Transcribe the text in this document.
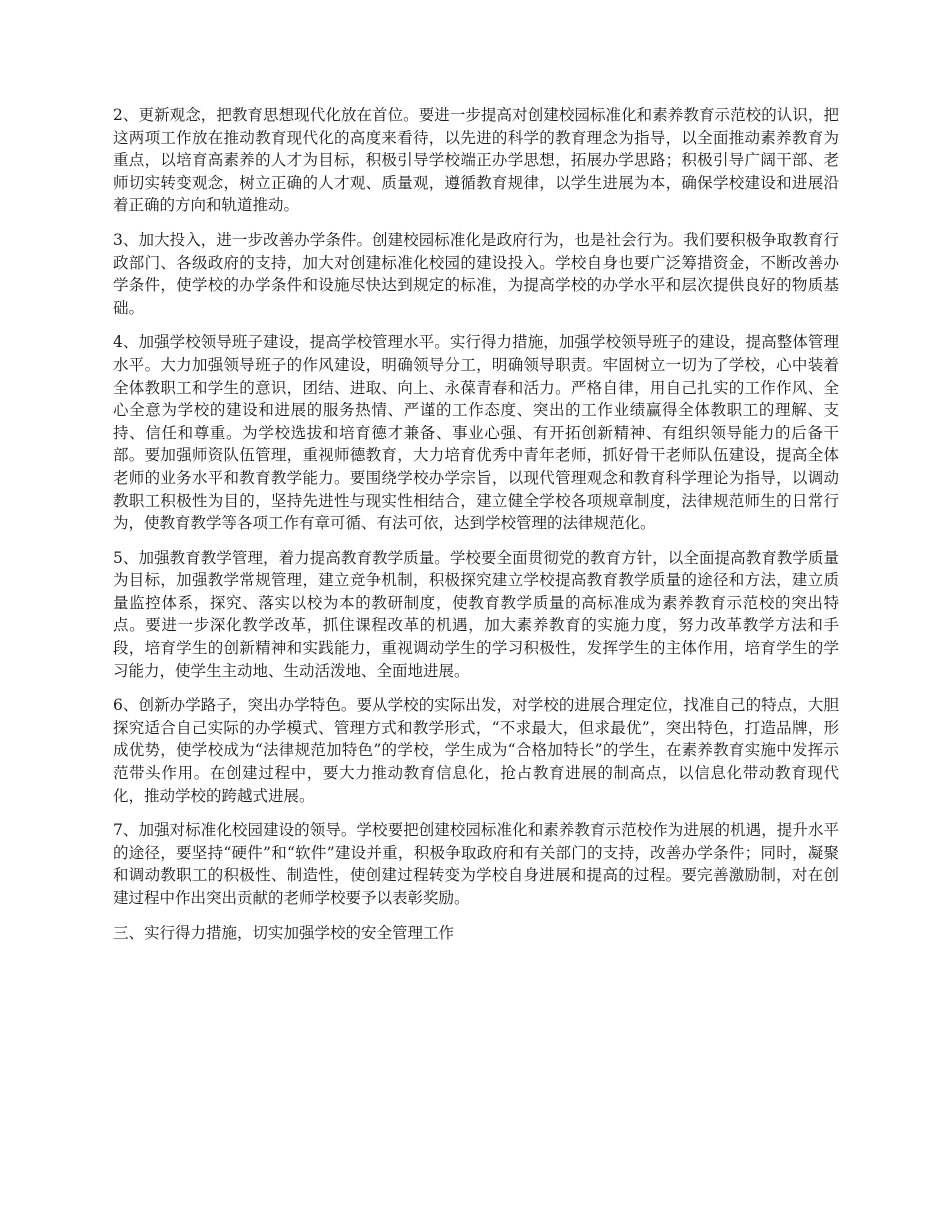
2、更新观念，把教育思想现代化放在首位。要进一步提高对创建校园标准化和素养教育示范校的认识，把这两项工作放在推动教育现代化的高度来看待，以先进的科学的教育理念为指导，以全面推动素养教育为重点，以培育高素养的人才为目标，积极引导学校端正办学思想，拓展办学思路；积极引导广阔干部、老师切实转变观念，树立正确的人才观、质量观，遵循教育规律，以学生进展为本，确保学校建设和进展沿着正确的方向和轨道推动。

3、加大投入，进一步改善办学条件。创建校园标准化是政府行为，也是社会行为。我们要积极争取教育行政部门、各级政府的支持，加大对创建标准化校园的建设投入。学校自身也要广泛筹措资金，不断改善办学条件，使学校的办学条件和设施尽快达到规定的标准，为提高学校的办学水平和层次提供良好的物质基础。

4、加强学校领导班子建设，提高学校管理水平。实行得力措施，加强学校领导班子的建设，提高整体管理水平。大力加强领导班子的作风建设，明确领导分工，明确领导职责。牢固树立一切为了学校，心中装着全体教职工和学生的意识，团结、进取、向上、永葆青春和活力。严格自律，用自己扎实的工作作风、全心全意为学校的建设和进展的服务热情、严谨的工作态度、突出的工作业绩赢得全体教职工的理解、支持、信任和尊重。为学校选拔和培育德才兼备、事业心强、有开拓创新精神、有组织领导能力的后备干部。要加强师资队伍管理，重视师德教育，大力培育优秀中青年老师，抓好骨干老师队伍建设，提高全体老师的业务水平和教育教学能力。要围绕学校办学宗旨，以现代管理观念和教育科学理论为指导，以调动教职工积极性为目的，坚持先进性与现实性相结合，建立健全学校各项规章制度，法律规范师生的日常行为，使教育教学等各项工作有章可循、有法可依，达到学校管理的法律规范化。

5、加强教育教学管理，着力提高教育教学质量。学校要全面贯彻党的教育方针，以全面提高教育教学质量为目标，加强教学常规管理，建立竞争机制，积极探究建立学校提高教育教学质量的途径和方法，建立质量监控体系，探究、落实以校为本的教研制度，使教育教学质量的高标准成为素养教育示范校的突出特点。要进一步深化教学改革，抓住课程改革的机遇，加大素养教育的实施力度，努力改革教学方法和手段，培育学生的创新精神和实践能力，重视调动学生的学习积极性，发挥学生的主体作用，培育学生的学习能力，使学生主动地、生动活泼地、全面地进展。

6、创新办学路子，突出办学特色。要从学校的实际出发，对学校的进展合理定位，找准自己的特点，大胆探究适合自己实际的办学模式、管理方式和教学形式，“不求最大，但求最优”，突出特色，打造品牌，形成优势，使学校成为“法律规范加特色”的学校，学生成为“合格加特长”的学生，在素养教育实施中发挥示范带头作用。在创建过程中，要大力推动教育信息化，抢占教育进展的制高点，以信息化带动教育现代化，推动学校的跨越式进展。

7、加强对标准化校园建设的领导。学校要把创建校园标准化和素养教育示范校作为进展的机遇，提升水平的途径，要坚持“硬件”和“软件”建设并重，积极争取政府和有关部门的支持，改善办学条件；同时，凝聚和调动教职工的积极性、制造性，使创建过程转变为学校自身进展和提高的过程。要完善激励制，对在创建过程中作出突出贡献的老师学校要予以表彰奖励。

三、实行得力措施，切实加强学校的安全管理工作
